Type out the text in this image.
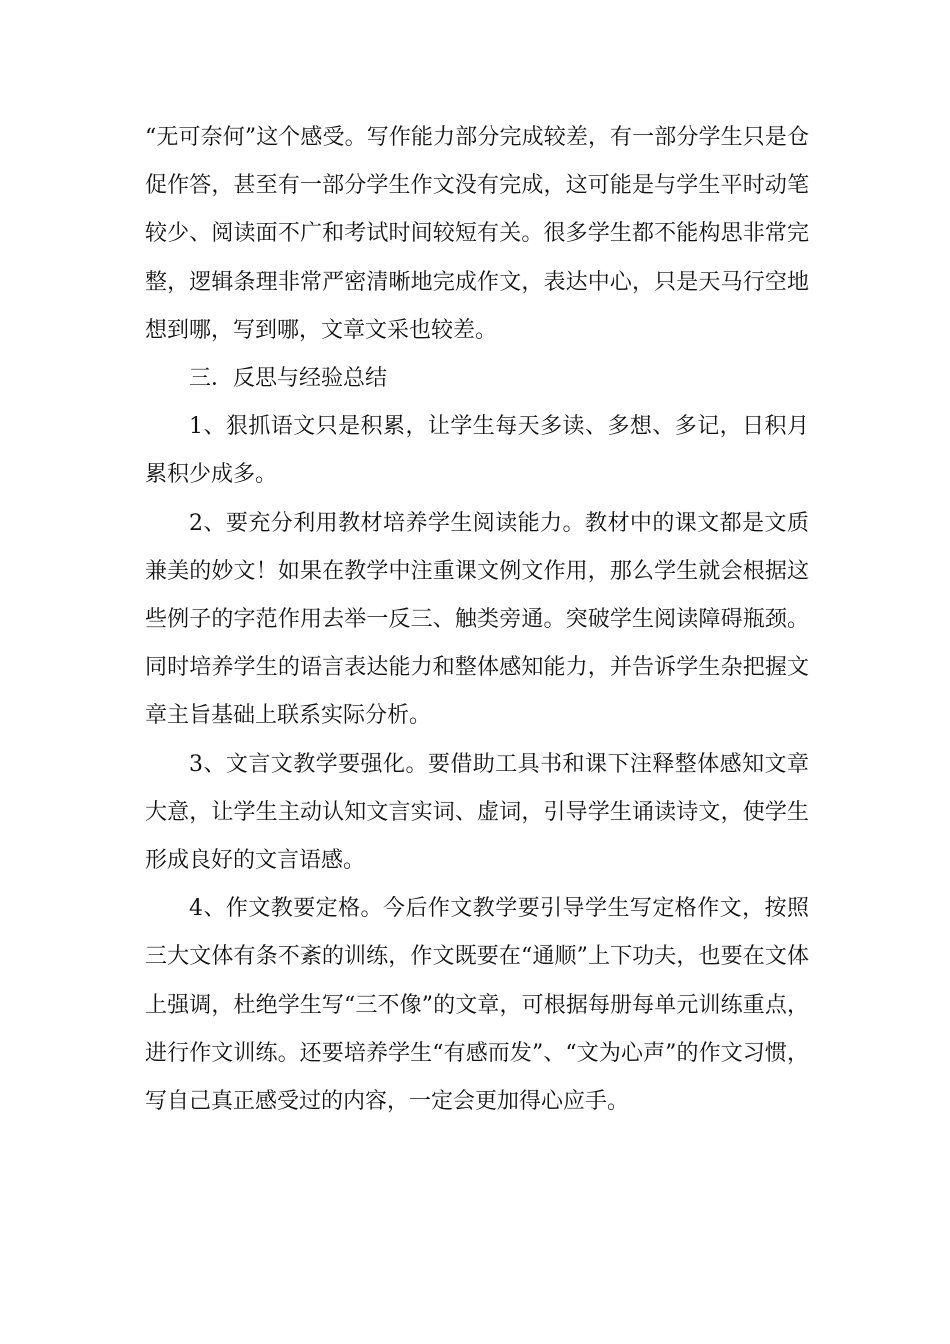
“无可奈何”这个感受。写作能力部分完成较差，有一部分学生只是仓促作答，甚至有一部分学生作文没有完成，这可能是与学生平时动笔较少、阅读面不广和考试时间较短有关。很多学生都不能构思非常完整，逻辑条理非常严密清晰地完成作文，表达中心，只是天马行空地想到哪，写到哪，文章文采也较差。

三．反思与经验总结

1、狠抓语文只是积累，让学生每天多读、多想、多记，日积月累积少成多。

2、要充分利用教材培养学生阅读能力。教材中的课文都是文质兼美的妙文！如果在教学中注重课文例文作用，那么学生就会根据这些例子的字范作用去举一反三、触类旁通。突破学生阅读障碍瓶颈。同时培养学生的语言表达能力和整体感知能力，并告诉学生杂把握文章主旨基础上联系实际分析。

3、文言文教学要强化。要借助工具书和课下注释整体感知文章大意，让学生主动认知文言实词、虚词，引导学生诵读诗文，使学生形成良好的文言语感。

4、作文教要定格。今后作文教学要引导学生写定格作文，按照三大文体有条不紊的训练，作文既要在“通顺”上下功夫，也要在文体上强调，杜绝学生写“三不像”的文章，可根据每册每单元训练重点，进行作文训练。还要培养学生“有感而发”、“文为心声”的作文习惯，写自己真正感受过的内容，一定会更加得心应手。
